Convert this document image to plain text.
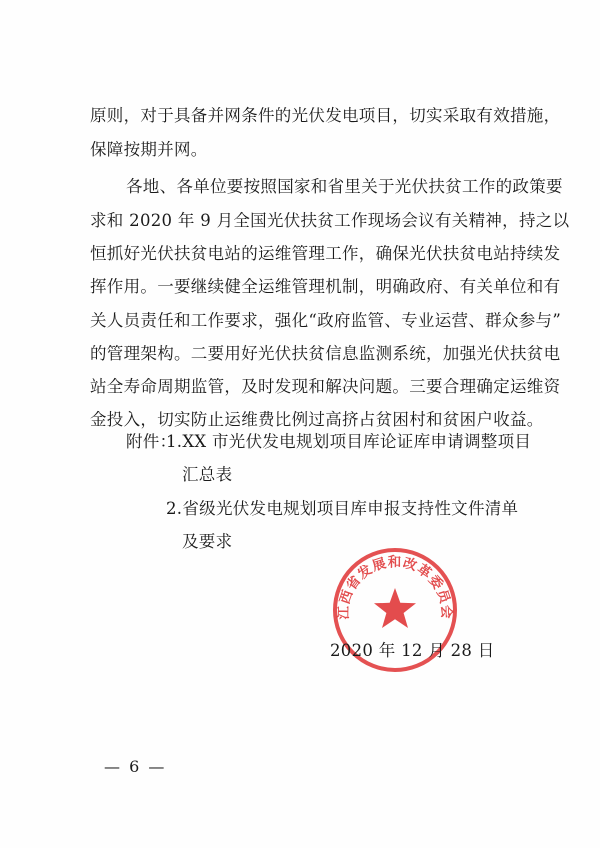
原则，对于具备并网条件的光伏发电项目，切实采取有效措施，
保障按期并网。
各地、各单位要按照国家和省里关于光伏扶贫工作的政策要
求和 2020 年 9 月全国光伏扶贫工作现场会议有关精神，持之以
恒抓好光伏扶贫电站的运维管理工作，确保光伏扶贫电站持续发
挥作用。一要继续健全运维管理机制，明确政府、有关单位和有
关人员责任和工作要求，强化“政府监管、专业运营、群众参与”
的管理架构。二要用好光伏扶贫信息监测系统，加强光伏扶贫电
站全寿命周期监管，及时发现和解决问题。三要合理确定运维资
金投入，切实防止运维费比例过高挤占贫困村和贫困户收益。
附件：
1.XX 市光伏发电规划项目库论证库申请调整项目
汇总表
2.省级光伏发电规划项目库申报支持性文件清单
及要求
江西省发展和改革委员会
2020 年 12 月 28 日
— 6 —
